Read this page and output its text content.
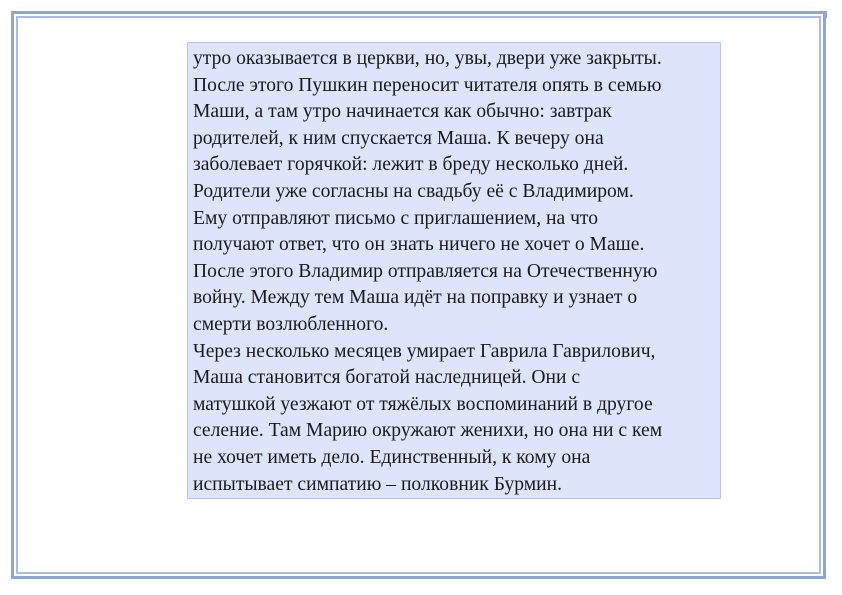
утро оказывается в церкви, но, увы, двери уже закрыты.
После этого Пушкин переносит читателя опять в семью
Маши, а там утро начинается как обычно: завтрак
родителей, к ним спускается Маша. К вечеру она
заболевает горячкой: лежит в бреду несколько дней.
Родители уже согласны на свадьбу её с Владимиром.
Ему отправляют письмо с приглашением, на что
получают ответ, что он знать ничего не хочет о Маше.
После этого Владимир отправляется на Отечественную
войну. Между тем Маша идёт на поправку и узнает о
смерти возлюбленного.

Через несколько месяцев умирает Гаврила Гаврилович,
Маша становится богатой наследницей. Они с
матушкой уезжают от тяжёлых воспоминаний в другое
селение. Там Марию окружают женихи, но она ни с кем
не хочет иметь дело. Единственный, к кому она
испытывает симпатию – полковник Бурмин.
